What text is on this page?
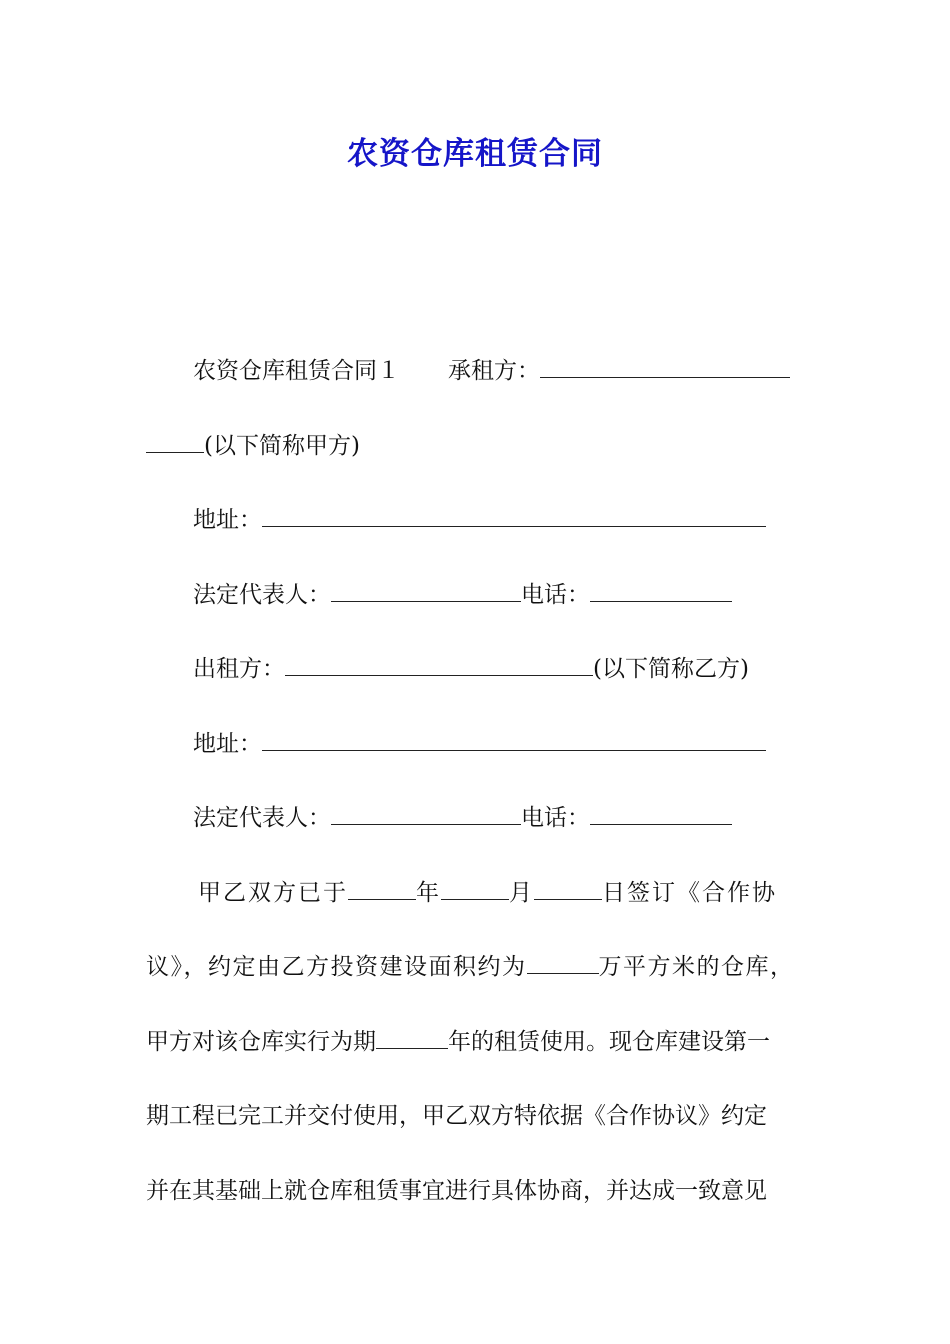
农资仓库租赁合同
农资仓库租赁合同１ 承租方：
(以下简称甲方)
地址：
法定代表人：	电话：
出租方：	(以下简称乙方)
地址：
法定代表人：	电话：
甲乙双方已于	年	月	日签订《合作协
议》，约定由乙方投资建设面积约为	万平方米的仓库，
甲方对该仓库实行为期	年的租赁使用。现仓库建设第一
期工程已完工并交付使用，甲乙双方特依据《合作协议》约定
并在其基础上就仓库租赁事宜进行具体协商，并达成一致意见
